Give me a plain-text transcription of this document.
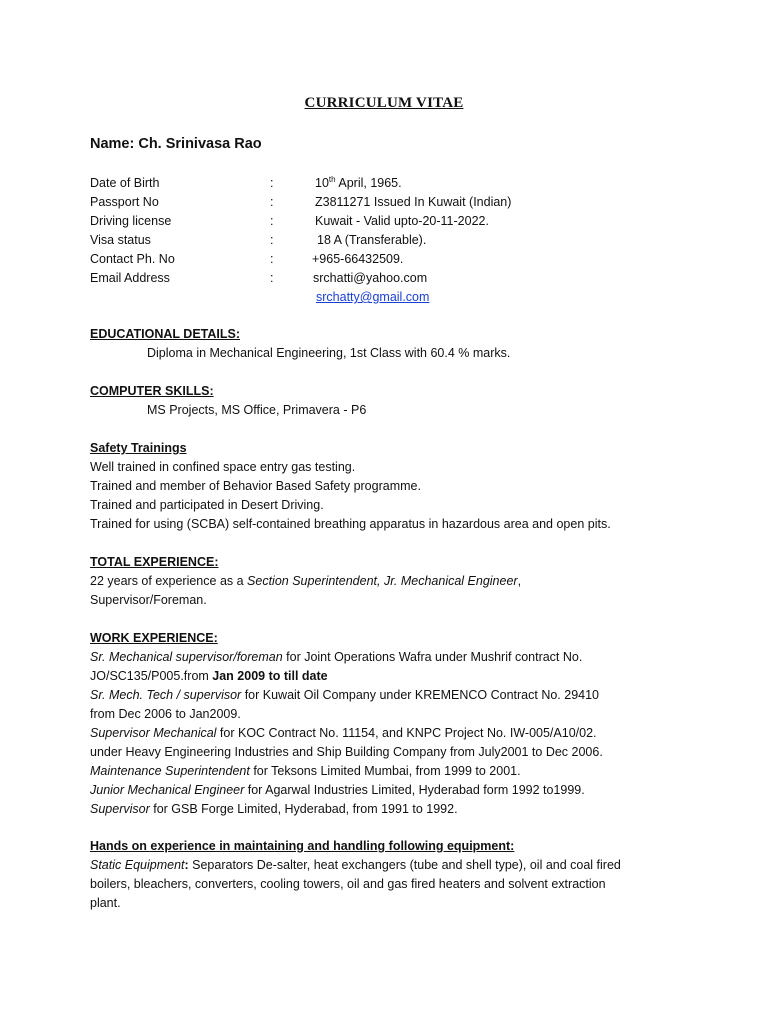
CURRICULUM VITAE
Name: Ch. Srinivasa Rao
Date of Birth	:	10th April, 1965.
Passport No	:	Z3811271 Issued In Kuwait (Indian)
Driving license	:	Kuwait - Valid upto-20-11-2022.
Visa status	:	18 A (Transferable).
Contact Ph. No	:	+965-66432509.
Email Address	:	srchatti@yahoo.com
srchatty@gmail.com
EDUCATIONAL DETAILS:
Diploma in Mechanical Engineering, 1st Class with 60.4 % marks.
COMPUTER SKILLS:
MS Projects, MS Office, Primavera - P6
Safety Trainings
Well trained in confined space entry gas testing.
Trained and member of Behavior Based Safety programme.
Trained and participated in Desert Driving.
Trained for using (SCBA) self-contained breathing apparatus in hazardous area and open pits.
TOTAL EXPERIENCE:
22 years of experience as a Section Superintendent, Jr. Mechanical Engineer,
Supervisor/Foreman.
WORK EXPERIENCE:
Sr. Mechanical supervisor/foreman for Joint Operations Wafra under Mushrif contract No.
JO/SC135/P005.from Jan 2009 to till date
Sr. Mech. Tech / supervisor for Kuwait Oil Company under KREMENCO Contract No. 29410
from Dec 2006 to Jan2009.
Supervisor Mechanical for KOC Contract No. 11154, and KNPC Project No. IW-005/A10/02.
under Heavy Engineering Industries and Ship Building Company from July2001 to Dec 2006.
Maintenance Superintendent for Teksons Limited Mumbai, from 1999 to 2001.
Junior Mechanical Engineer for Agarwal Industries Limited, Hyderabad form 1992 to1999.
Supervisor for GSB Forge Limited, Hyderabad, from 1991 to 1992.
Hands on experience in maintaining and handling following equipment:
Static Equipment: Separators De-salter, heat exchangers (tube and shell type), oil and coal fired
boilers, bleachers, converters, cooling towers, oil and gas fired heaters and solvent extraction
plant.
